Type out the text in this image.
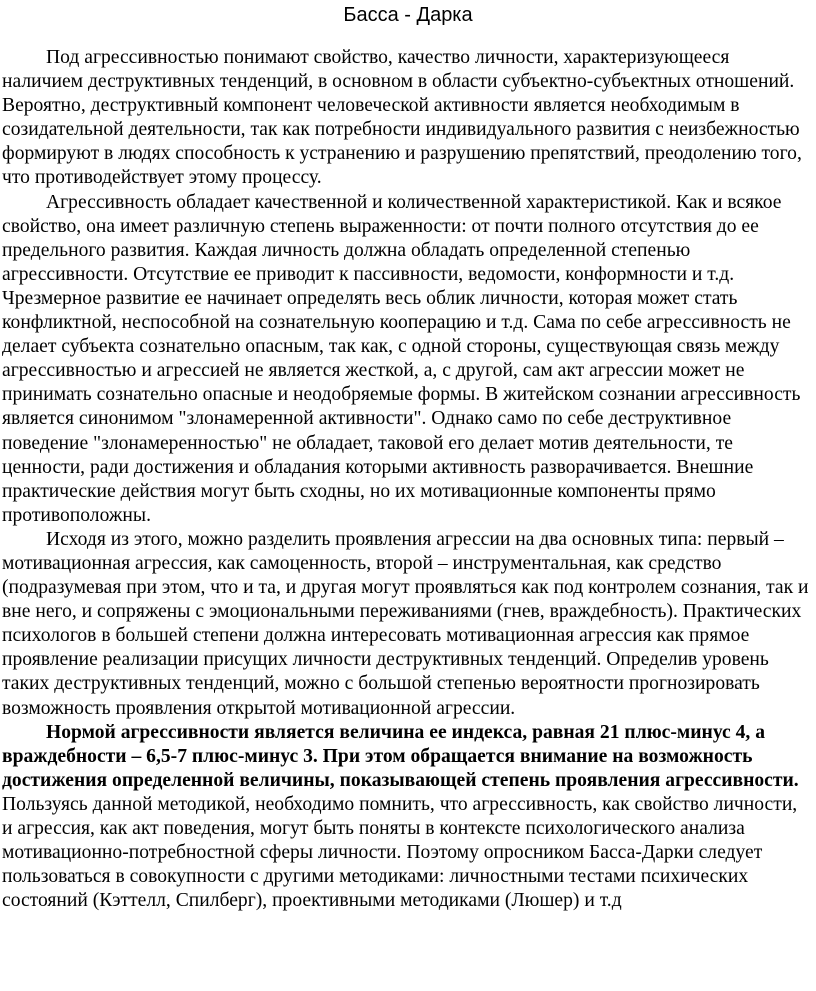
Басса - Дарка

Под агрессивностью понимают свойство, качество личности, характеризующееся наличием деструктивных тенденций, в основном в области субъектно-субъектных отношений. Вероятно, деструктивный компонент человеческой активности является необходимым в созидательной деятельности, так как потребности индивидуального развития с неизбежностью формируют в людях способность к устранению и разрушению препятствий, преодолению того, что противодействует этому процессу.

Агрессивность обладает качественной и количественной характеристикой. Как и всякое свойство, она имеет различную степень выраженности: от почти полного отсутствия до ее предельного развития. Каждая личность должна обладать определенной степенью агрессивности. Отсутствие ее приводит к пассивности, ведомости, конформности и т.д. Чрезмерное развитие ее начинает определять весь облик личности, которая может стать конфликтной, неспособной на сознательную кооперацию и т.д. Сама по себе агрессивность не делает субъекта сознательно опасным, так как, с одной стороны, существующая связь между агрессивностью и агрессией не является жесткой, а, с другой, сам акт агрессии может не принимать сознательно опасные и неодобряемые формы. В житейском сознании агрессивность является синонимом "злонамеренной активности". Однако само по себе деструктивное поведение "злонамеренностью" не обладает, таковой его делает мотив деятельности, те ценности, ради достижения и обладания которыми активность разворачивается. Внешние практические действия могут быть сходны, но их мотивационные компоненты прямо противоположны.

Исходя из этого, можно разделить проявления агрессии на два основных типа: первый – мотивационная агрессия, как самоценность, второй – инструментальная, как средство (подразумевая при этом, что и та, и другая могут проявляться как под контролем сознания, так и вне него, и сопряжены с эмоциональными переживаниями (гнев, враждебность). Практических психологов в большей степени должна интересовать мотивационная агрессия как прямое проявление реализации присущих личности деструктивных тенденций. Определив уровень таких деструктивных тенденций, можно с большой степенью вероятности прогнозировать возможность проявления открытой мотивационной агрессии.

Нормой агрессивности является величина ее индекса, равная 21 плюс-минус 4, а враждебности – 6,5-7 плюс-минус 3. При этом обращается внимание на возможность достижения определенной величины, показывающей степень проявления агрессивности.

Пользуясь данной методикой, необходимо помнить, что агрессивность, как свойство личности, и агрессия, как акт поведения, могут быть поняты в контексте психологического анализа мотивационно-потребностной сферы личности. Поэтому опросником Басса-Дарки следует пользоваться в совокупности с другими методиками: личностными тестами психических состояний (Кэттелл, Спилберг), проективными методиками (Люшер) и т.д
